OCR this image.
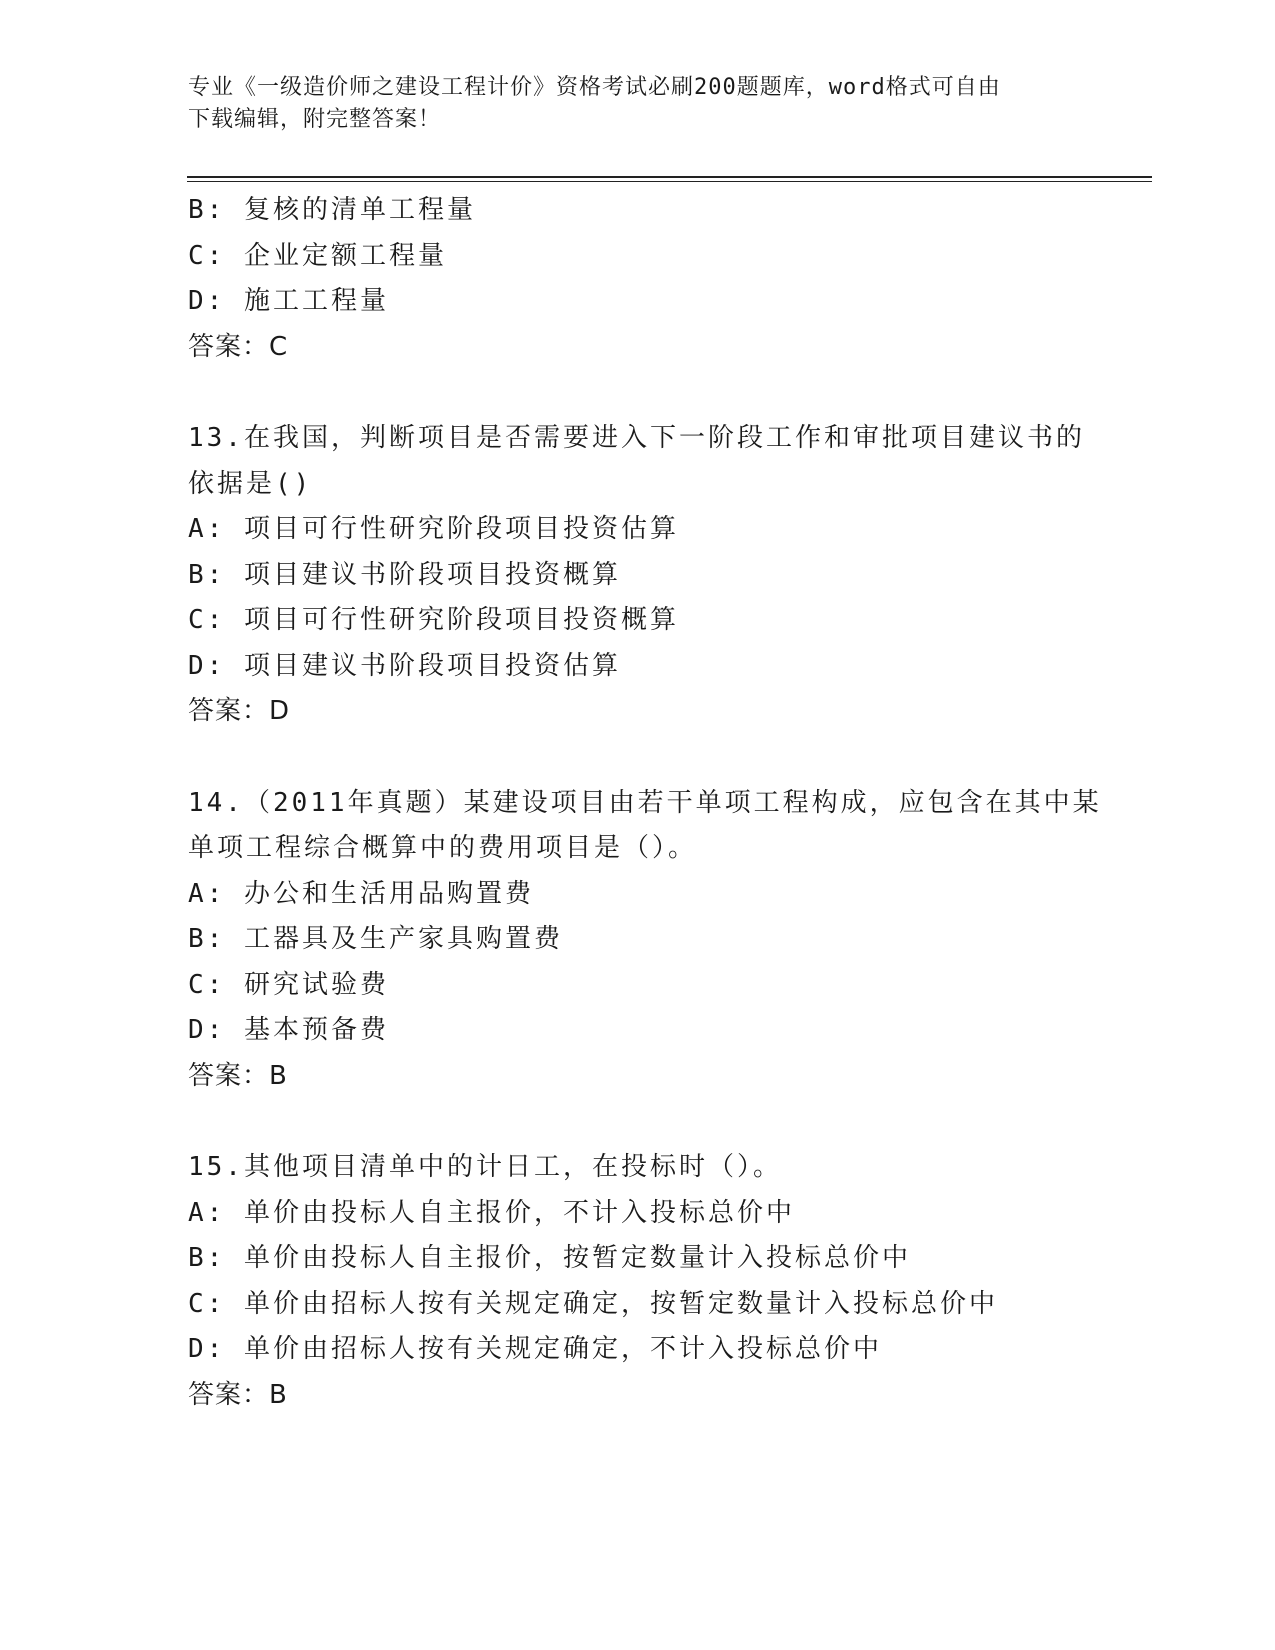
专业《一级造价师之建设工程计价》资格考试必刷200题题库，word格式可自由
下载编辑，附完整答案！
B: 复核的清单工程量
C: 企业定额工程量
D: 施工工程量
答案：C
13.在我国，判断项目是否需要进入下一阶段工作和审批项目建议书的
依据是()
A: 项目可行性研究阶段项目投资估算
B: 项目建议书阶段项目投资概算
C: 项目可行性研究阶段项目投资概算
D: 项目建议书阶段项目投资估算
答案：D
14.（2011年真题）某建设项目由若干单项工程构成，应包含在其中某
单项工程综合概算中的费用项目是（）。
A: 办公和生活用品购置费
B: 工器具及生产家具购置费
C: 研究试验费
D: 基本预备费
答案：B
15.其他项目清单中的计日工，在投标时（）。
A: 单价由投标人自主报价，不计入投标总价中
B: 单价由投标人自主报价，按暂定数量计入投标总价中
C: 单价由招标人按有关规定确定，按暂定数量计入投标总价中
D: 单价由招标人按有关规定确定，不计入投标总价中
答案：B
